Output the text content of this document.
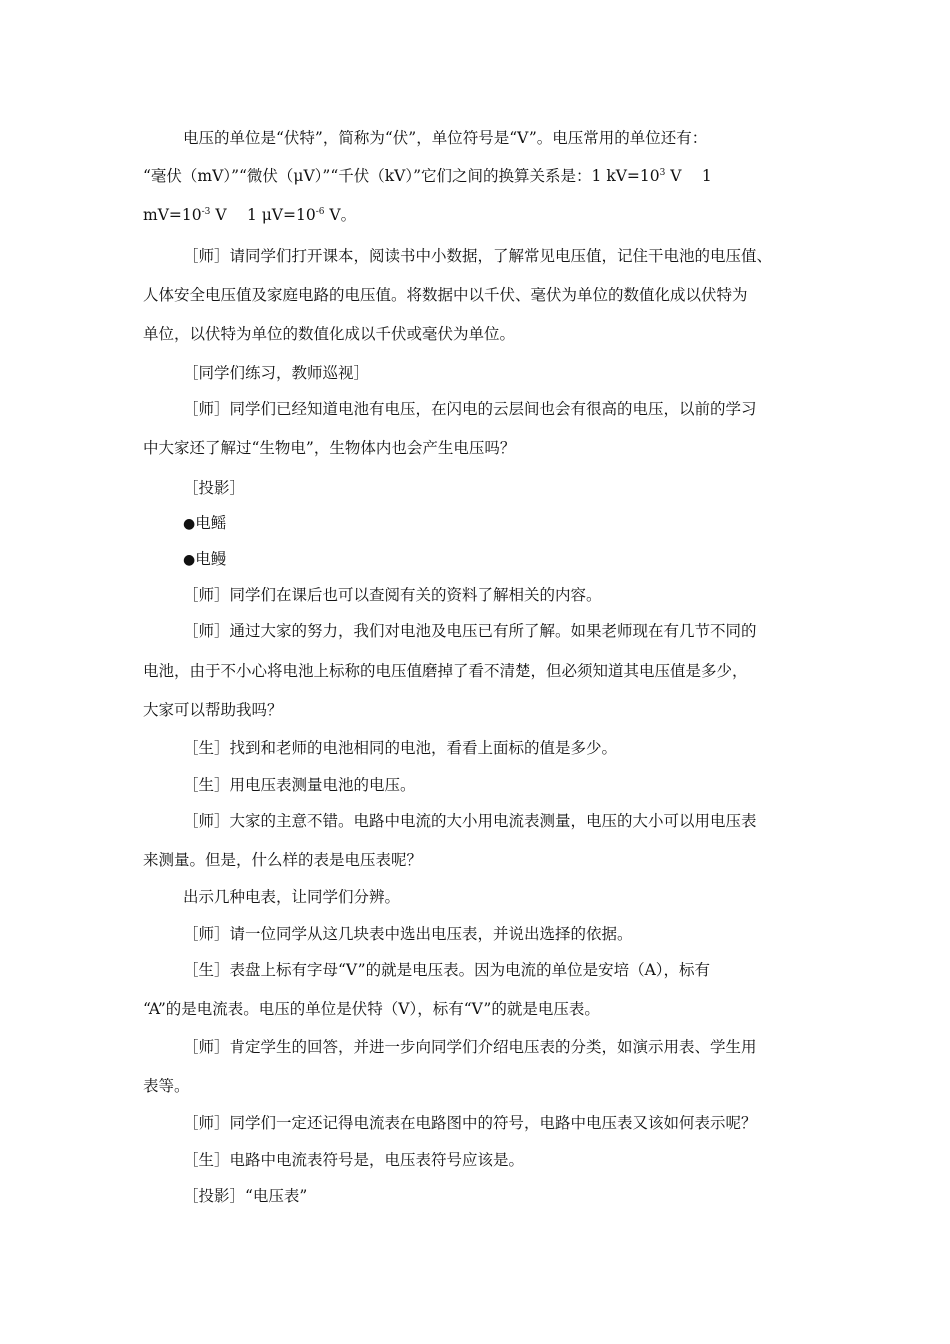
电压的单位是“伏特”，简称为“伏”，单位符号是“V”。电压常用的单位还有：

“毫伏（mV）”“微伏（μV）”“千伏（kV）”它们之间的换算关系是：1 $kV=10^3$ V　 1

$mV=10^{-3}$ V　 1 $\mu V=10^{-6}$ V。

［师］请同学们打开课本，阅读书中小数据，了解常见电压值，记住干电池的电压值、

人体安全电压值及家庭电路的电压值。将数据中以千伏、毫伏为单位的数值化成以伏特为

单位，以伏特为单位的数值化成以千伏或毫伏为单位。

［同学们练习，教师巡视］

［师］同学们已经知道电池有电压，在闪电的云层间也会有很高的电压，以前的学习

中大家还了解过“生物电”，生物体内也会产生电压吗？

［投影］

●电鳐

●电鳗

［师］同学们在课后也可以查阅有关的资料了解相关的内容。

［师］通过大家的努力，我们对电池及电压已有所了解。如果老师现在有几节不同的

电池，由于不小心将电池上标称的电压值磨掉了看不清楚，但必须知道其电压值是多少，

大家可以帮助我吗？

［生］找到和老师的电池相同的电池，看看上面标的值是多少。

［生］用电压表测量电池的电压。

［师］大家的主意不错。电路中电流的大小用电流表测量，电压的大小可以用电压表

来测量。但是，什么样的表是电压表呢？

出示几种电表，让同学们分辨。

［师］请一位同学从这几块表中选出电压表，并说出选择的依据。

［生］表盘上标有字母“V”的就是电压表。因为电流的单位是安培（A），标有

“A”的是电流表。电压的单位是伏特（V），标有“V”的就是电压表。

［师］肯定学生的回答，并进一步向同学们介绍电压表的分类，如演示用表、学生用

表等。

［师］同学们一定还记得电流表在电路图中的符号，电路中电压表又该如何表示呢？

［生］电路中电流表符号是，电压表符号应该是。

［投影］“电压表”
